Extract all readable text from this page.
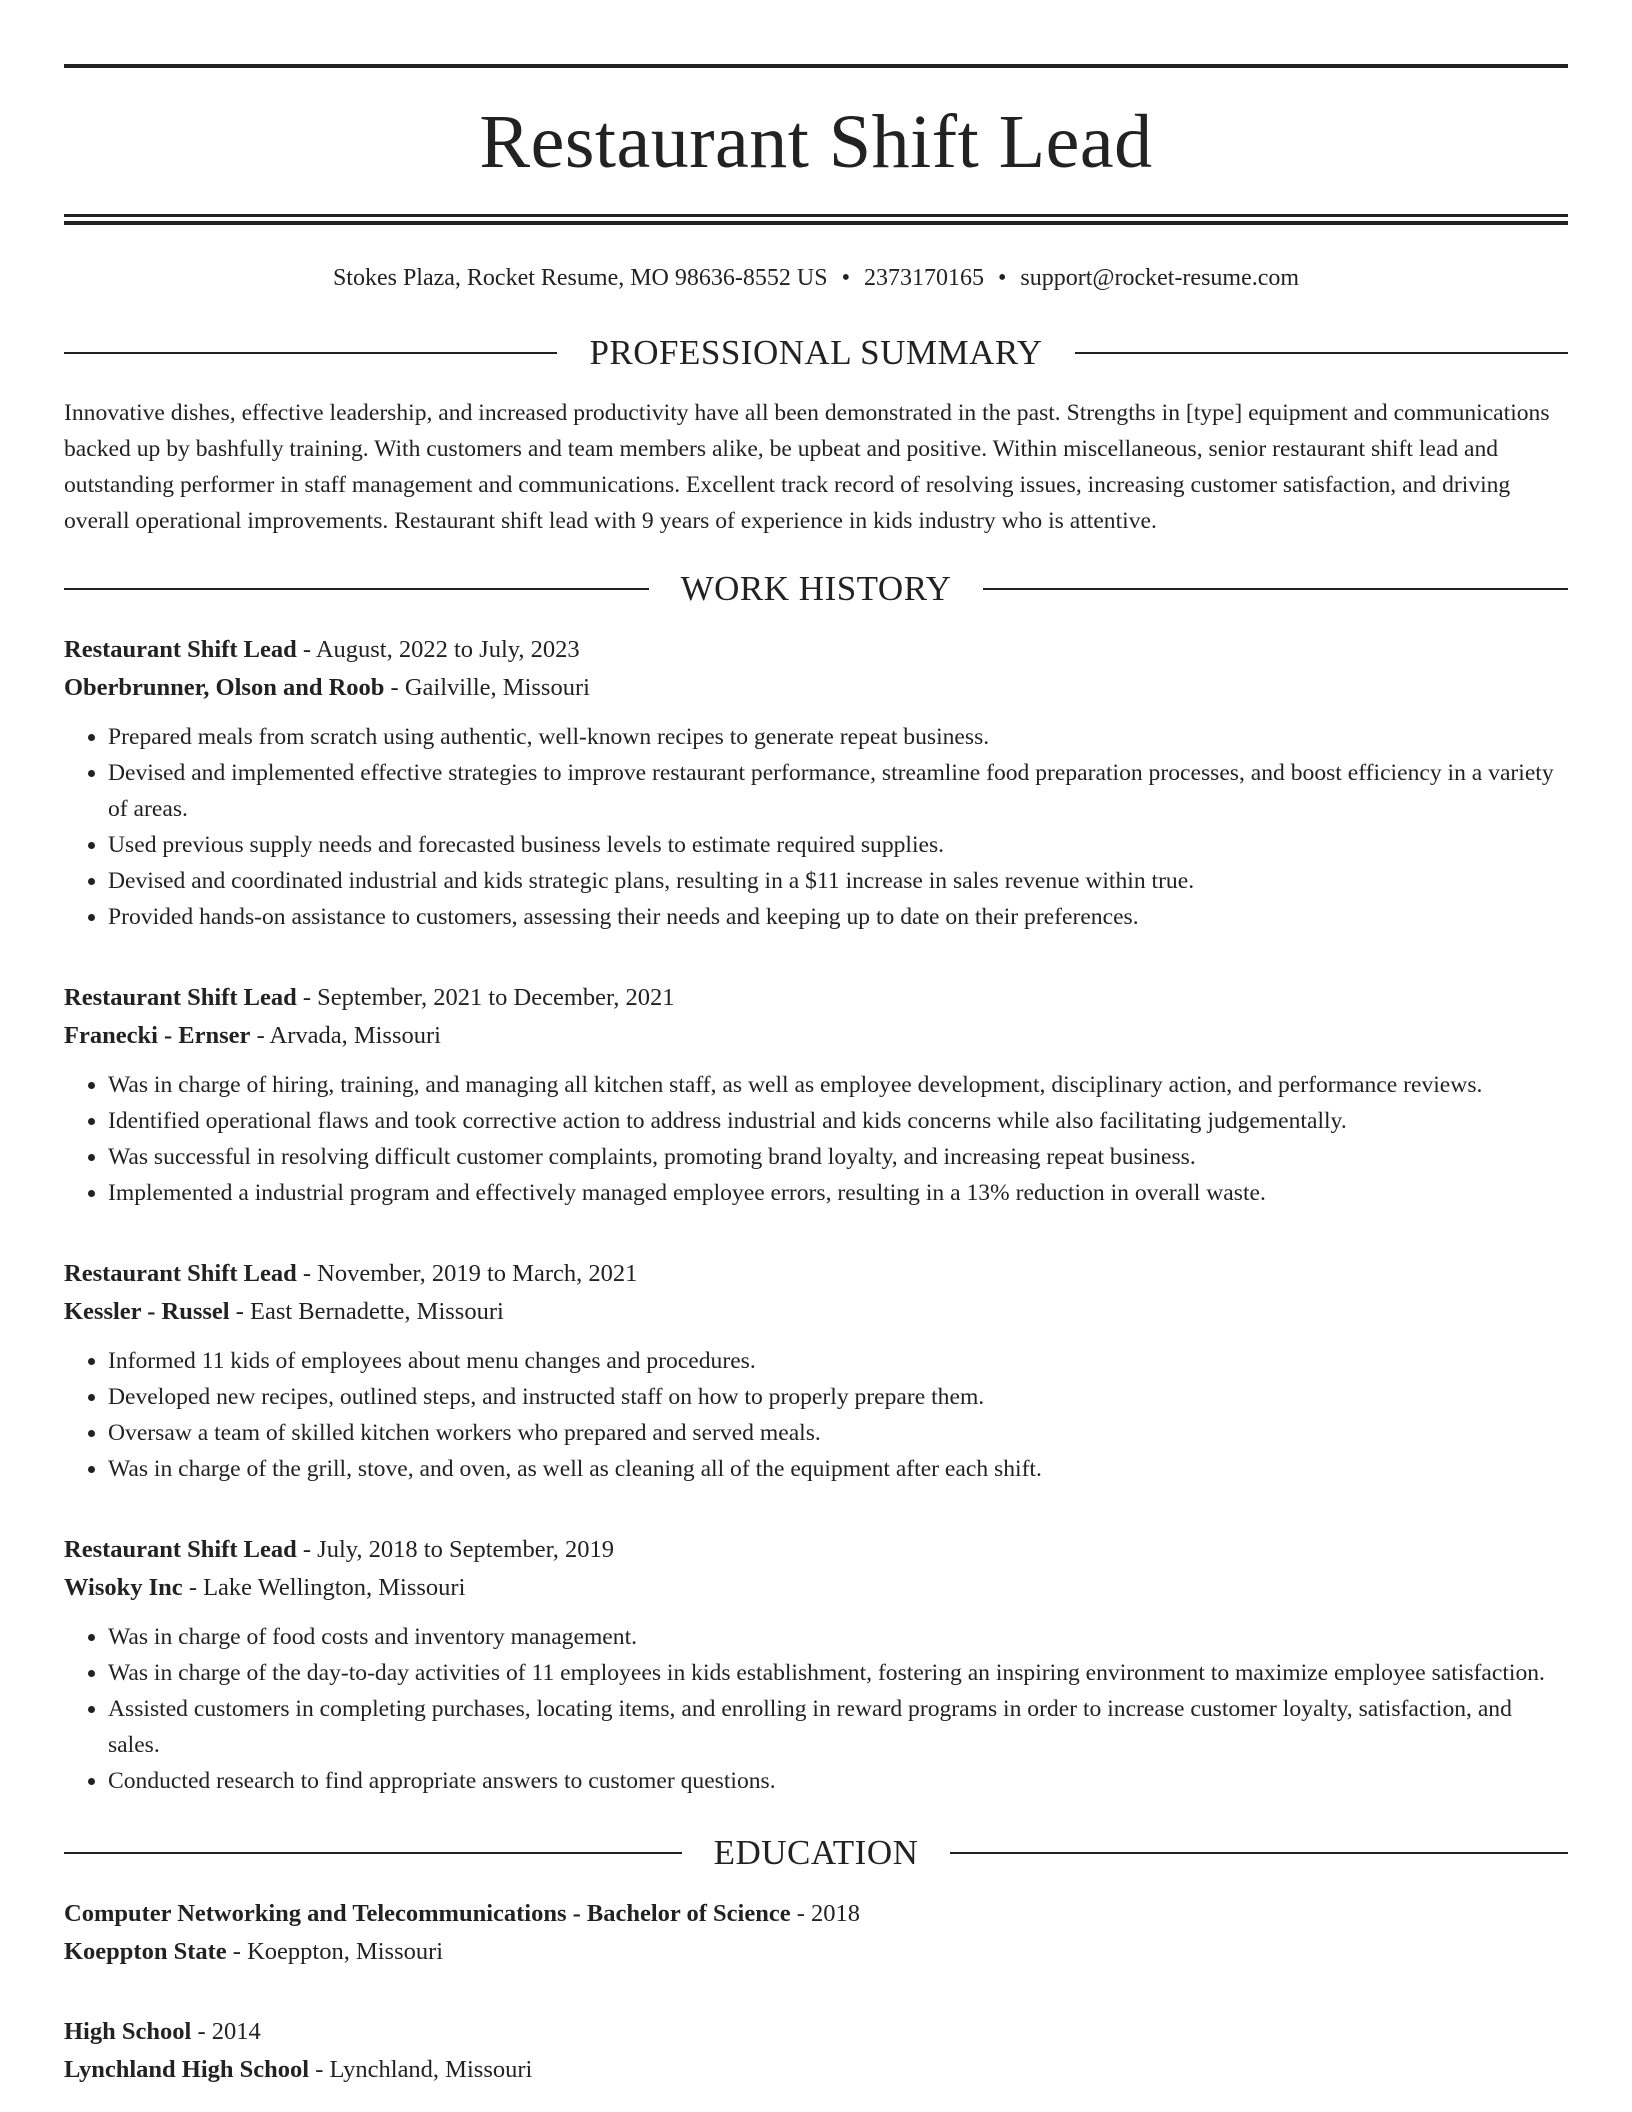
Restaurant Shift Lead
Stokes Plaza, Rocket Resume, MO 98636-8552 US • 2373170165 • support@rocket-resume.com
PROFESSIONAL SUMMARY
Innovative dishes, effective leadership, and increased productivity have all been demonstrated in the past. Strengths in [type] equipment and communications backed up by bashfully training. With customers and team members alike, be upbeat and positive. Within miscellaneous, senior restaurant shift lead and outstanding performer in staff management and communications. Excellent track record of resolving issues, increasing customer satisfaction, and driving overall operational improvements. Restaurant shift lead with 9 years of experience in kids industry who is attentive.
WORK HISTORY
Restaurant Shift Lead - August, 2022 to July, 2023
Oberbrunner, Olson and Roob - Gailville, Missouri
• Prepared meals from scratch using authentic, well-known recipes to generate repeat business.
• Devised and implemented effective strategies to improve restaurant performance, streamline food preparation processes, and boost efficiency in a variety of areas.
• Used previous supply needs and forecasted business levels to estimate required supplies.
• Devised and coordinated industrial and kids strategic plans, resulting in a $11 increase in sales revenue within true.
• Provided hands-on assistance to customers, assessing their needs and keeping up to date on their preferences.
Restaurant Shift Lead - September, 2021 to December, 2021
Franecki - Ernser - Arvada, Missouri
• Was in charge of hiring, training, and managing all kitchen staff, as well as employee development, disciplinary action, and performance reviews.
• Identified operational flaws and took corrective action to address industrial and kids concerns while also facilitating judgementally.
• Was successful in resolving difficult customer complaints, promoting brand loyalty, and increasing repeat business.
• Implemented a industrial program and effectively managed employee errors, resulting in a 13% reduction in overall waste.
Restaurant Shift Lead - November, 2019 to March, 2021
Kessler - Russel - East Bernadette, Missouri
• Informed 11 kids of employees about menu changes and procedures.
• Developed new recipes, outlined steps, and instructed staff on how to properly prepare them.
• Oversaw a team of skilled kitchen workers who prepared and served meals.
• Was in charge of the grill, stove, and oven, as well as cleaning all of the equipment after each shift.
Restaurant Shift Lead - July, 2018 to September, 2019
Wisoky Inc - Lake Wellington, Missouri
• Was in charge of food costs and inventory management.
• Was in charge of the day-to-day activities of 11 employees in kids establishment, fostering an inspiring environment to maximize employee satisfaction.
• Assisted customers in completing purchases, locating items, and enrolling in reward programs in order to increase customer loyalty, satisfaction, and sales.
• Conducted research to find appropriate answers to customer questions.
EDUCATION
Computer Networking and Telecommunications - Bachelor of Science - 2018
Koeppton State - Koeppton, Missouri
High School - 2014
Lynchland High School - Lynchland, Missouri
